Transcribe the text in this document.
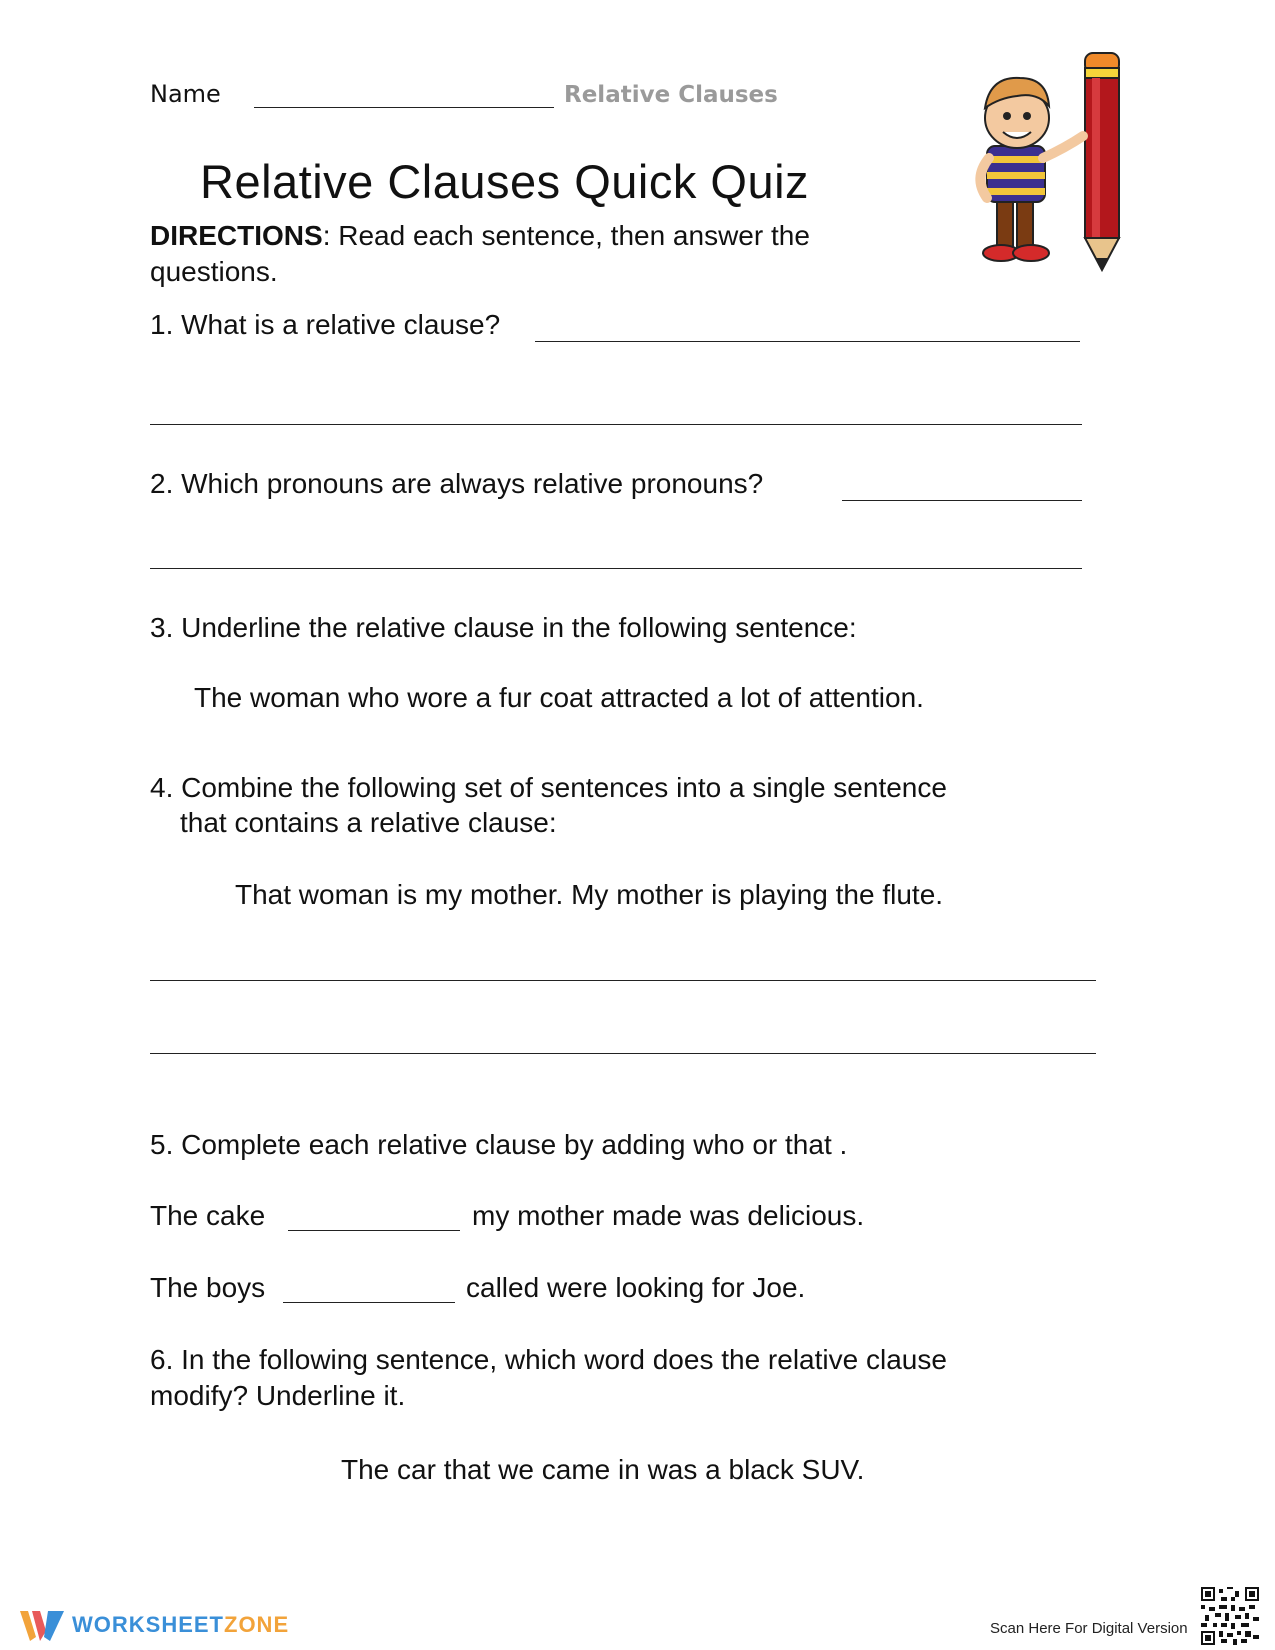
Name	Relative Clauses
Relative Clauses Quick Quiz
DIRECTIONS: Read each sentence, then answer the questions.
1. What is a relative clause?
2. Which pronouns are always relative pronouns?
3. Underline the relative clause in the following sentence:
The woman who wore a fur coat attracted a lot of attention.
4. Combine the following set of sentences into a single sentence
that contains a relative clause:
That woman is my mother. My mother is playing the flute.
5. Complete each relative clause by adding who or that .
The cake	my mother made was delicious.
The boys	called were looking for Joe.
6. In the following sentence, which word does the relative clause
modify? Underline it.
The car that we came in was a black SUV.
WORKSHEETZONE	Scan Here For Digital Version
